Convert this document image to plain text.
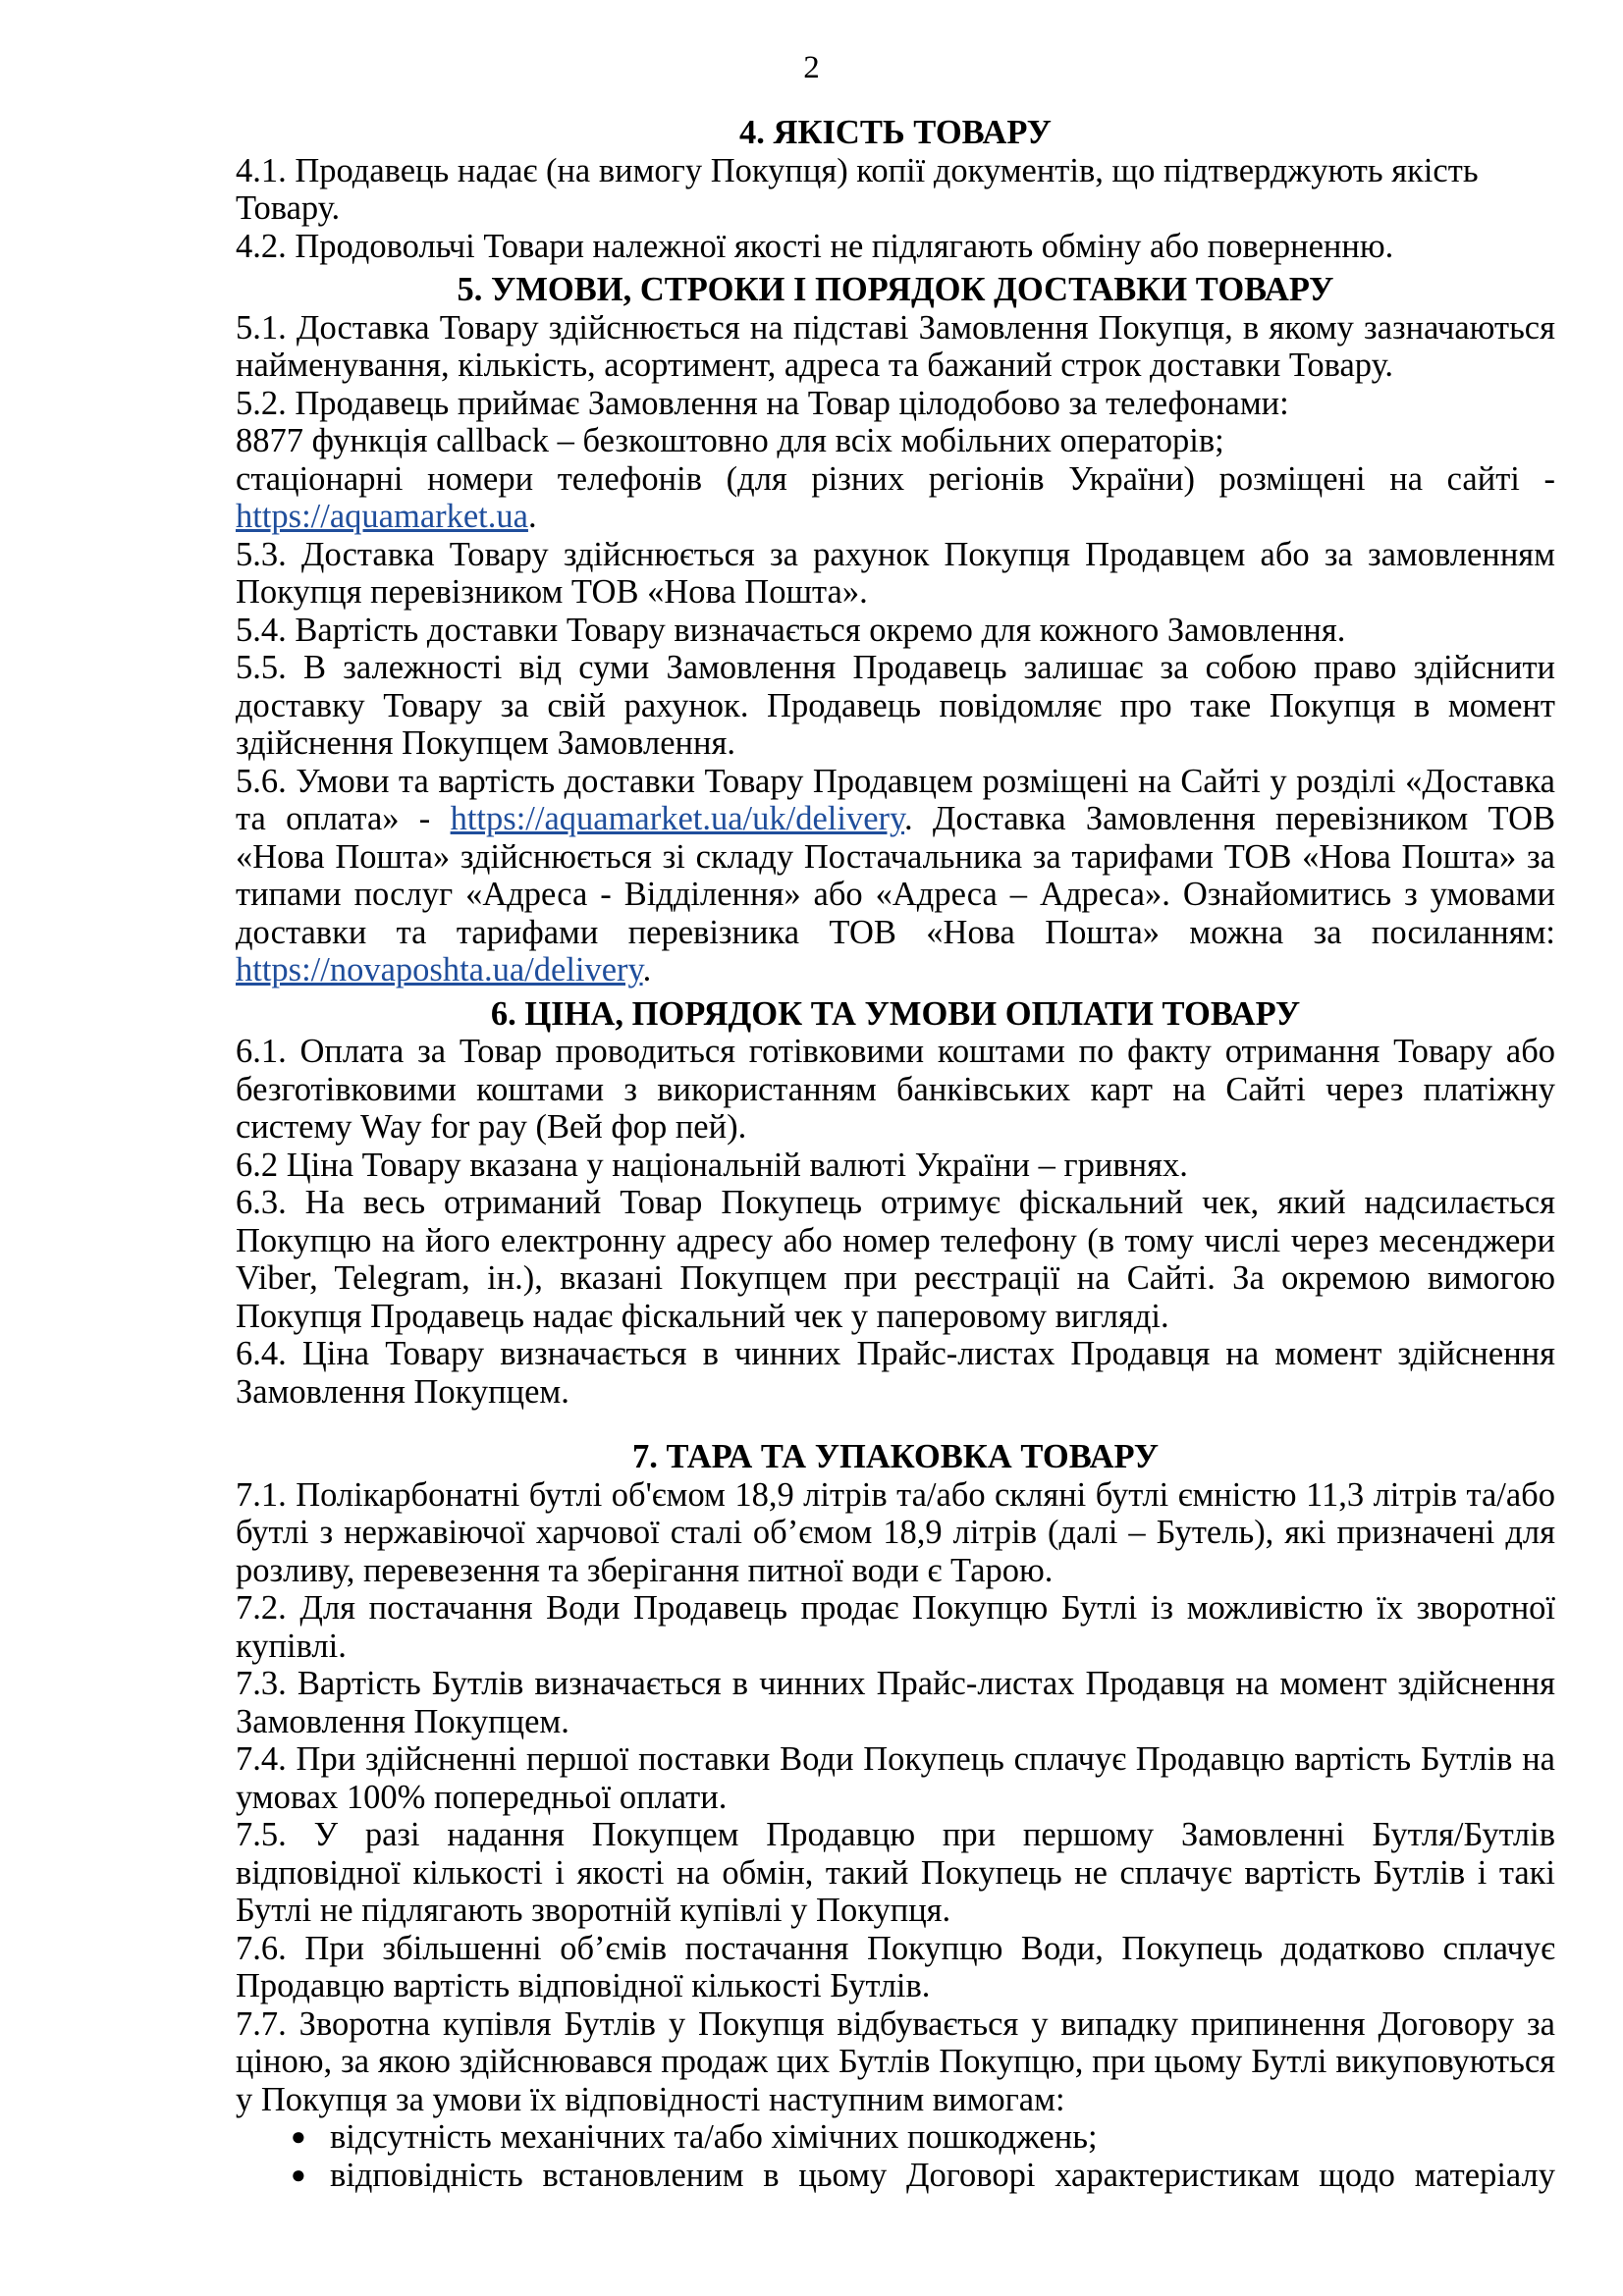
2

4. ЯКІСТЬ ТОВАРУ

4.1. Продавець надає (на вимогу Покупця) копії документів, що підтверджують якість Товару.

4.2. Продовольчі Товари належної якості не підлягають обміну або поверненню.

5. УМОВИ, СТРОКИ І ПОРЯДОК ДОСТАВКИ ТОВАРУ

5.1. Доставка Товару здійснюється на підставі Замовлення Покупця, в якому зазначаються найменування, кількість, асортимент, адреса та бажаний строк доставки Товару.

5.2. Продавець приймає Замовлення на Товар цілодобово за телефонами:

8877 функція callback – безкоштовно для всіх мобільних операторів;

стаціонарні номери телефонів (для різних регіонів України) розміщені на сайті -

https://aquamarket.ua.

5.3. Доставка Товару здійснюється за рахунок Покупця Продавцем або за замовленням Покупця перевізником ТОВ «Нова Пошта».

5.4. Вартість доставки Товару визначається окремо для кожного Замовлення.

5.5. В залежності від суми Замовлення Продавець залишає за собою право здійснити доставку Товару за свій рахунок. Продавець повідомляє про таке Покупця в момент здійснення Покупцем Замовлення.

5.6. Умови та вартість доставки Товару Продавцем розміщені на Сайті у розділі «Доставка та оплата» - https://aquamarket.ua/uk/delivery. Доставка Замовлення перевізником ТОВ «Нова Пошта» здійснюється зі складу Постачальника за тарифами ТОВ «Нова Пошта» за типами послуг «Адреса - Відділення» або «Адреса – Адреса». Ознайомитись з умовами доставки та тарифами перевізника ТОВ «Нова Пошта» можна за посиланням: https://novaposhta.ua/delivery.

6. ЦІНА, ПОРЯДОК ТА УМОВИ ОПЛАТИ ТОВАРУ

6.1. Оплата за Товар проводиться готівковими коштами по факту отримання Товару або безготівковими коштами з використанням банківських карт на Сайті через платіжну систему Way for pay (Вей фор пей).

6.2 Ціна Товару вказана у національній валюті України – гривнях.

6.3. На весь отриманий Товар Покупець отримує фіскальний чек, який надсилається Покупцю на його електронну адресу або номер телефону (в тому числі через месенджери Viber, Telegram, ін.), вказані Покупцем при реєстрації на Сайті. За окремою вимогою Покупця Продавець надає фіскальний чек у паперовому вигляді.

6.4. Ціна Товару визначається в чинних Прайс-листах Продавця на момент здійснення Замовлення Покупцем.

7. ТАРА ТА УПАКОВКА ТОВАРУ

7.1. Полікарбонатні бутлі об'ємом 18,9 літрів та/або скляні бутлі ємністю 11,3 літрів та/або бутлі з нержавіючої харчової сталі об’ємом 18,9 літрів (далі – Бутель), які призначені для розливу, перевезення та зберігання питної води є Тарою.

7.2. Для постачання Води Продавець продає Покупцю Бутлі із можливістю їх зворотної купівлі.

7.3. Вартість Бутлів визначається в чинних Прайс-листах Продавця на момент здійснення Замовлення Покупцем.

7.4. При здійсненні першої поставки Води Покупець сплачує Продавцю вартість Бутлів на умовах 100% попередньої оплати.

7.5. У разі надання Покупцем Продавцю при першому Замовленні Бутля/Бутлів відповідної кількості і якості на обмін, такий Покупець не сплачує вартість Бутлів і такі Бутлі не підлягають зворотній купівлі у Покупця.

7.6. При збільшенні об’ємів постачання Покупцю Води, Покупець додатково сплачує Продавцю вартість відповідної кількості Бутлів.

7.7. Зворотна купівля Бутлів у Покупця відбувається у випадку припинення Договору за ціною, за якою здійснювався продаж цих Бутлів Покупцю, при цьому Бутлі викуповуються у Покупця за умови їх відповідності наступним вимогам:

● відсутність механічних та/або хімічних пошкоджень;
● відповідність встановленим в цьому Договорі характеристикам щодо матеріалу
